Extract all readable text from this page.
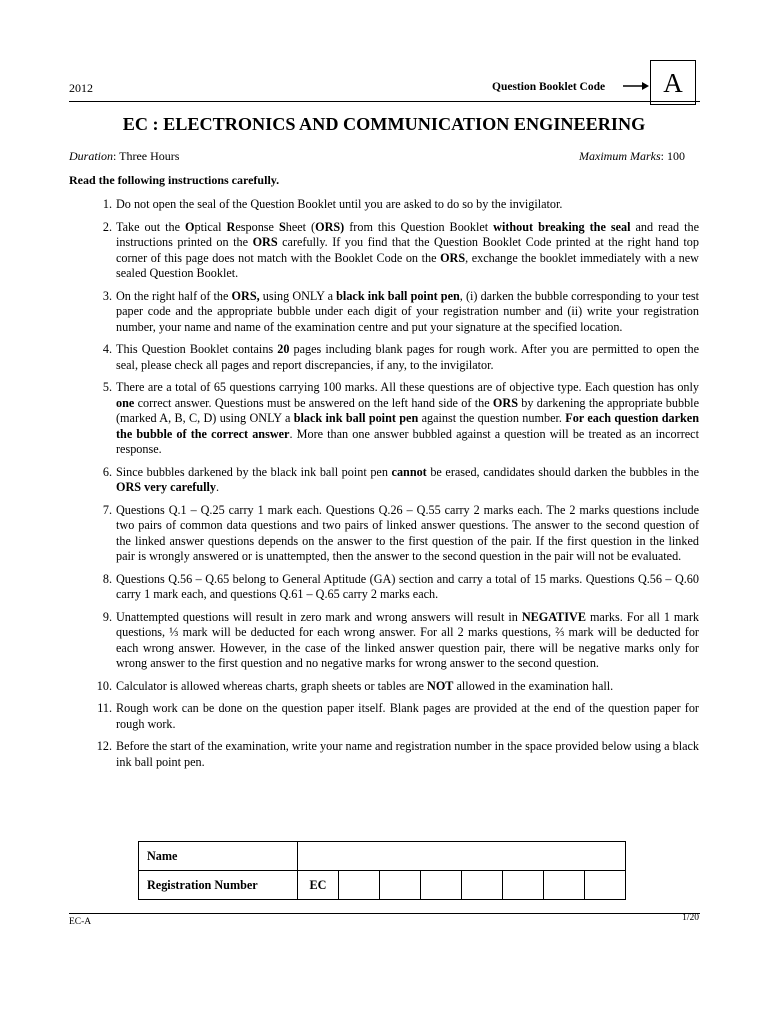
2012	Question Booklet Code	A
EC : ELECTRONICS AND COMMUNICATION ENGINEERING
Duration: Three Hours	Maximum Marks: 100
Read the following instructions carefully.
1. Do not open the seal of the Question Booklet until you are asked to do so by the invigilator.
2. Take out the Optical Response Sheet (ORS) from this Question Booklet without breaking the seal and read the instructions printed on the ORS carefully. If you find that the Question Booklet Code printed at the right hand top corner of this page does not match with the Booklet Code on the ORS, exchange the booklet immediately with a new sealed Question Booklet.
3. On the right half of the ORS, using ONLY a black ink ball point pen, (i) darken the bubble corresponding to your test paper code and the appropriate bubble under each digit of your registration number and (ii) write your registration number, your name and name of the examination centre and put your signature at the specified location.
4. This Question Booklet contains 20 pages including blank pages for rough work. After you are permitted to open the seal, please check all pages and report discrepancies, if any, to the invigilator.
5. There are a total of 65 questions carrying 100 marks. All these questions are of objective type. Each question has only one correct answer. Questions must be answered on the left hand side of the ORS by darkening the appropriate bubble (marked A, B, C, D) using ONLY a black ink ball point pen against the question number. For each question darken the bubble of the correct answer. More than one answer bubbled against a question will be treated as an incorrect response.
6. Since bubbles darkened by the black ink ball point pen cannot be erased, candidates should darken the bubbles in the ORS very carefully.
7. Questions Q.1 – Q.25 carry 1 mark each. Questions Q.26 – Q.55 carry 2 marks each. The 2 marks questions include two pairs of common data questions and two pairs of linked answer questions. The answer to the second question of the linked answer questions depends on the answer to the first question of the pair. If the first question in the linked pair is wrongly answered or is unattempted, then the answer to the second question in the pair will not be evaluated.
8. Questions Q.56 – Q.65 belong to General Aptitude (GA) section and carry a total of 15 marks. Questions Q.56 – Q.60 carry 1 mark each, and questions Q.61 – Q.65 carry 2 marks each.
9. Unattempted questions will result in zero mark and wrong answers will result in NEGATIVE marks. For all 1 mark questions, ⅓ mark will be deducted for each wrong answer. For all 2 marks questions, ⅔ mark will be deducted for each wrong answer. However, in the case of the linked answer question pair, there will be negative marks only for wrong answer to the first question and no negative marks for wrong answer to the second question.
10. Calculator is allowed whereas charts, graph sheets or tables are NOT allowed in the examination hall.
11. Rough work can be done on the question paper itself. Blank pages are provided at the end of the question paper for rough work.
12. Before the start of the examination, write your name and registration number in the space provided below using a black ink ball point pen.
Name								
Registration Number	EC							
EC-A	1/20
